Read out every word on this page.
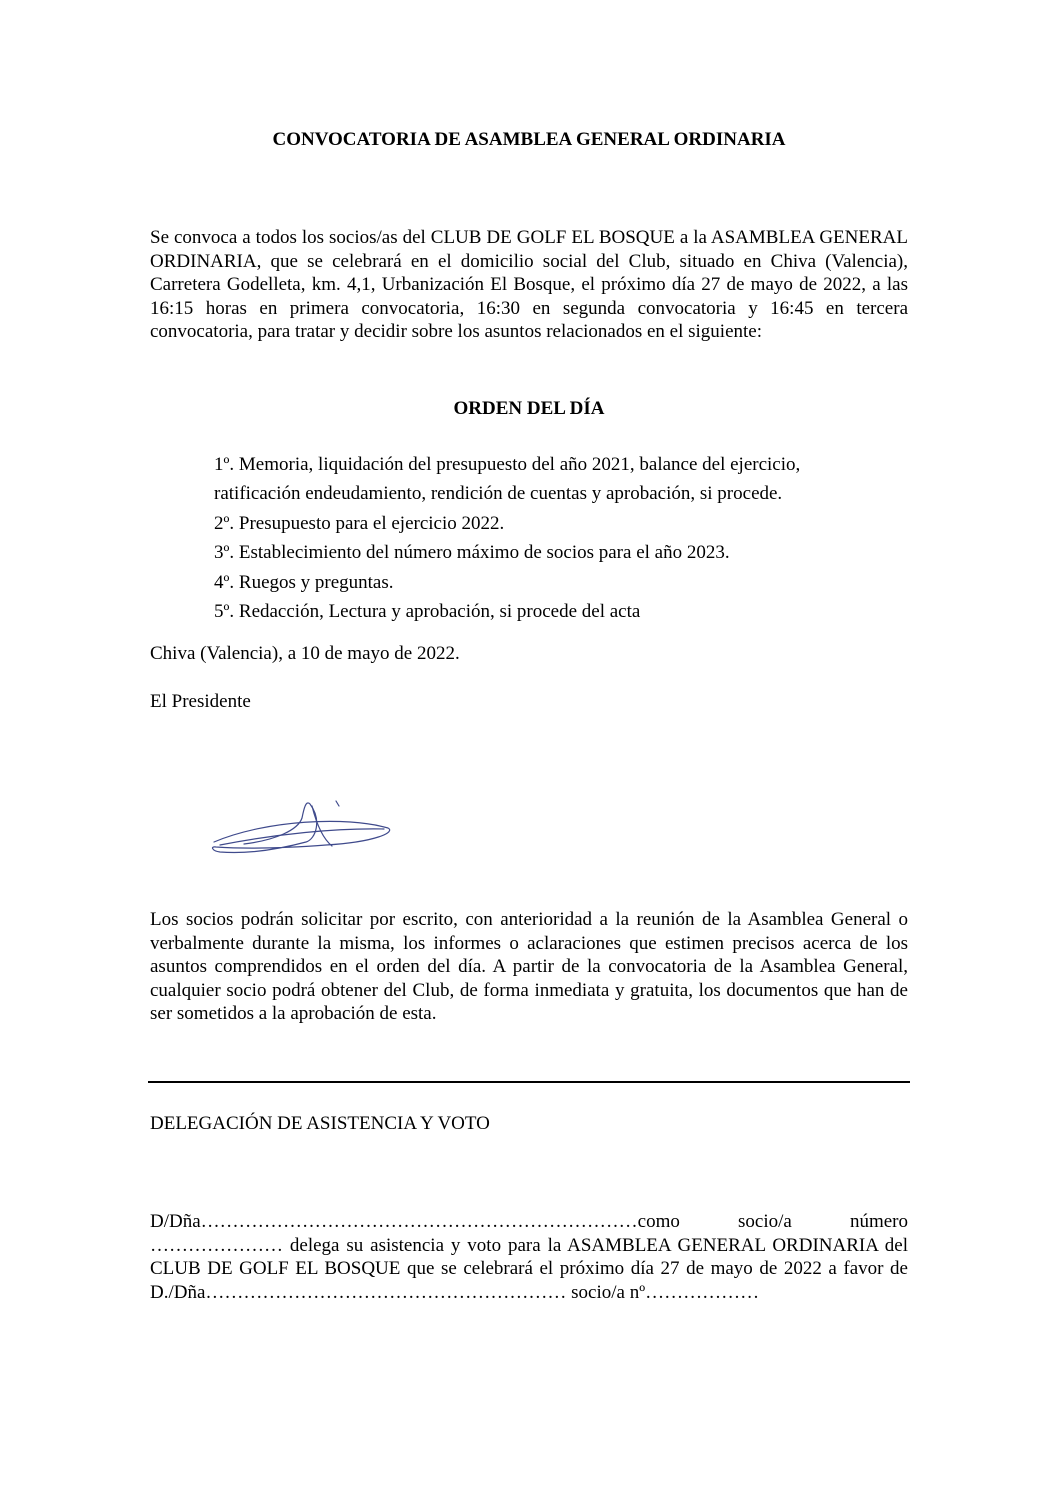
CONVOCATORIA DE ASAMBLEA GENERAL ORDINARIA
Se convoca a todos los socios/as del CLUB DE GOLF EL BOSQUE a la ASAMBLEA GENERAL ORDINARIA, que se celebrará en el domicilio social del Club, situado en Chiva (Valencia), Carretera Godelleta, km. 4,1, Urbanización El Bosque, el próximo día 27 de mayo de 2022, a las 16:15 horas en primera convocatoria, 16:30 en segunda convocatoria y 16:45 en tercera convocatoria, para tratar y decidir sobre los asuntos relacionados en el siguiente:
ORDEN DEL DÍA
1º. Memoria, liquidación del presupuesto del año 2021, balance del ejercicio,
ratificación endeudamiento, rendición de cuentas y aprobación, si procede.
2º. Presupuesto para el ejercicio 2022.
3º. Establecimiento del número máximo de socios para el año 2023.
4º. Ruegos y preguntas.
5º. Redacción, Lectura y aprobación, si procede del acta
Chiva (Valencia), a 10 de mayo de 2022.
El Presidente
Los socios podrán solicitar por escrito, con anterioridad a la reunión de la Asamblea General o verbalmente durante la misma, los informes o aclaraciones que estimen precisos acerca de los asuntos comprendidos en el orden del día. A partir de la convocatoria de la Asamblea General, cualquier socio podrá obtener del Club, de forma inmediata y gratuita, los documentos que han de ser sometidos a la aprobación de esta.
DELEGACIÓN DE ASISTENCIA Y VOTO
D/Dña……………………………………………………………como socio/a número ………………… delega su asistencia y voto para la ASAMBLEA GENERAL ORDINARIA del CLUB DE GOLF EL BOSQUE que se celebrará el próximo día 27 de mayo de 2022 a favor de D./Dña………………………………………………… socio/a nº………………
